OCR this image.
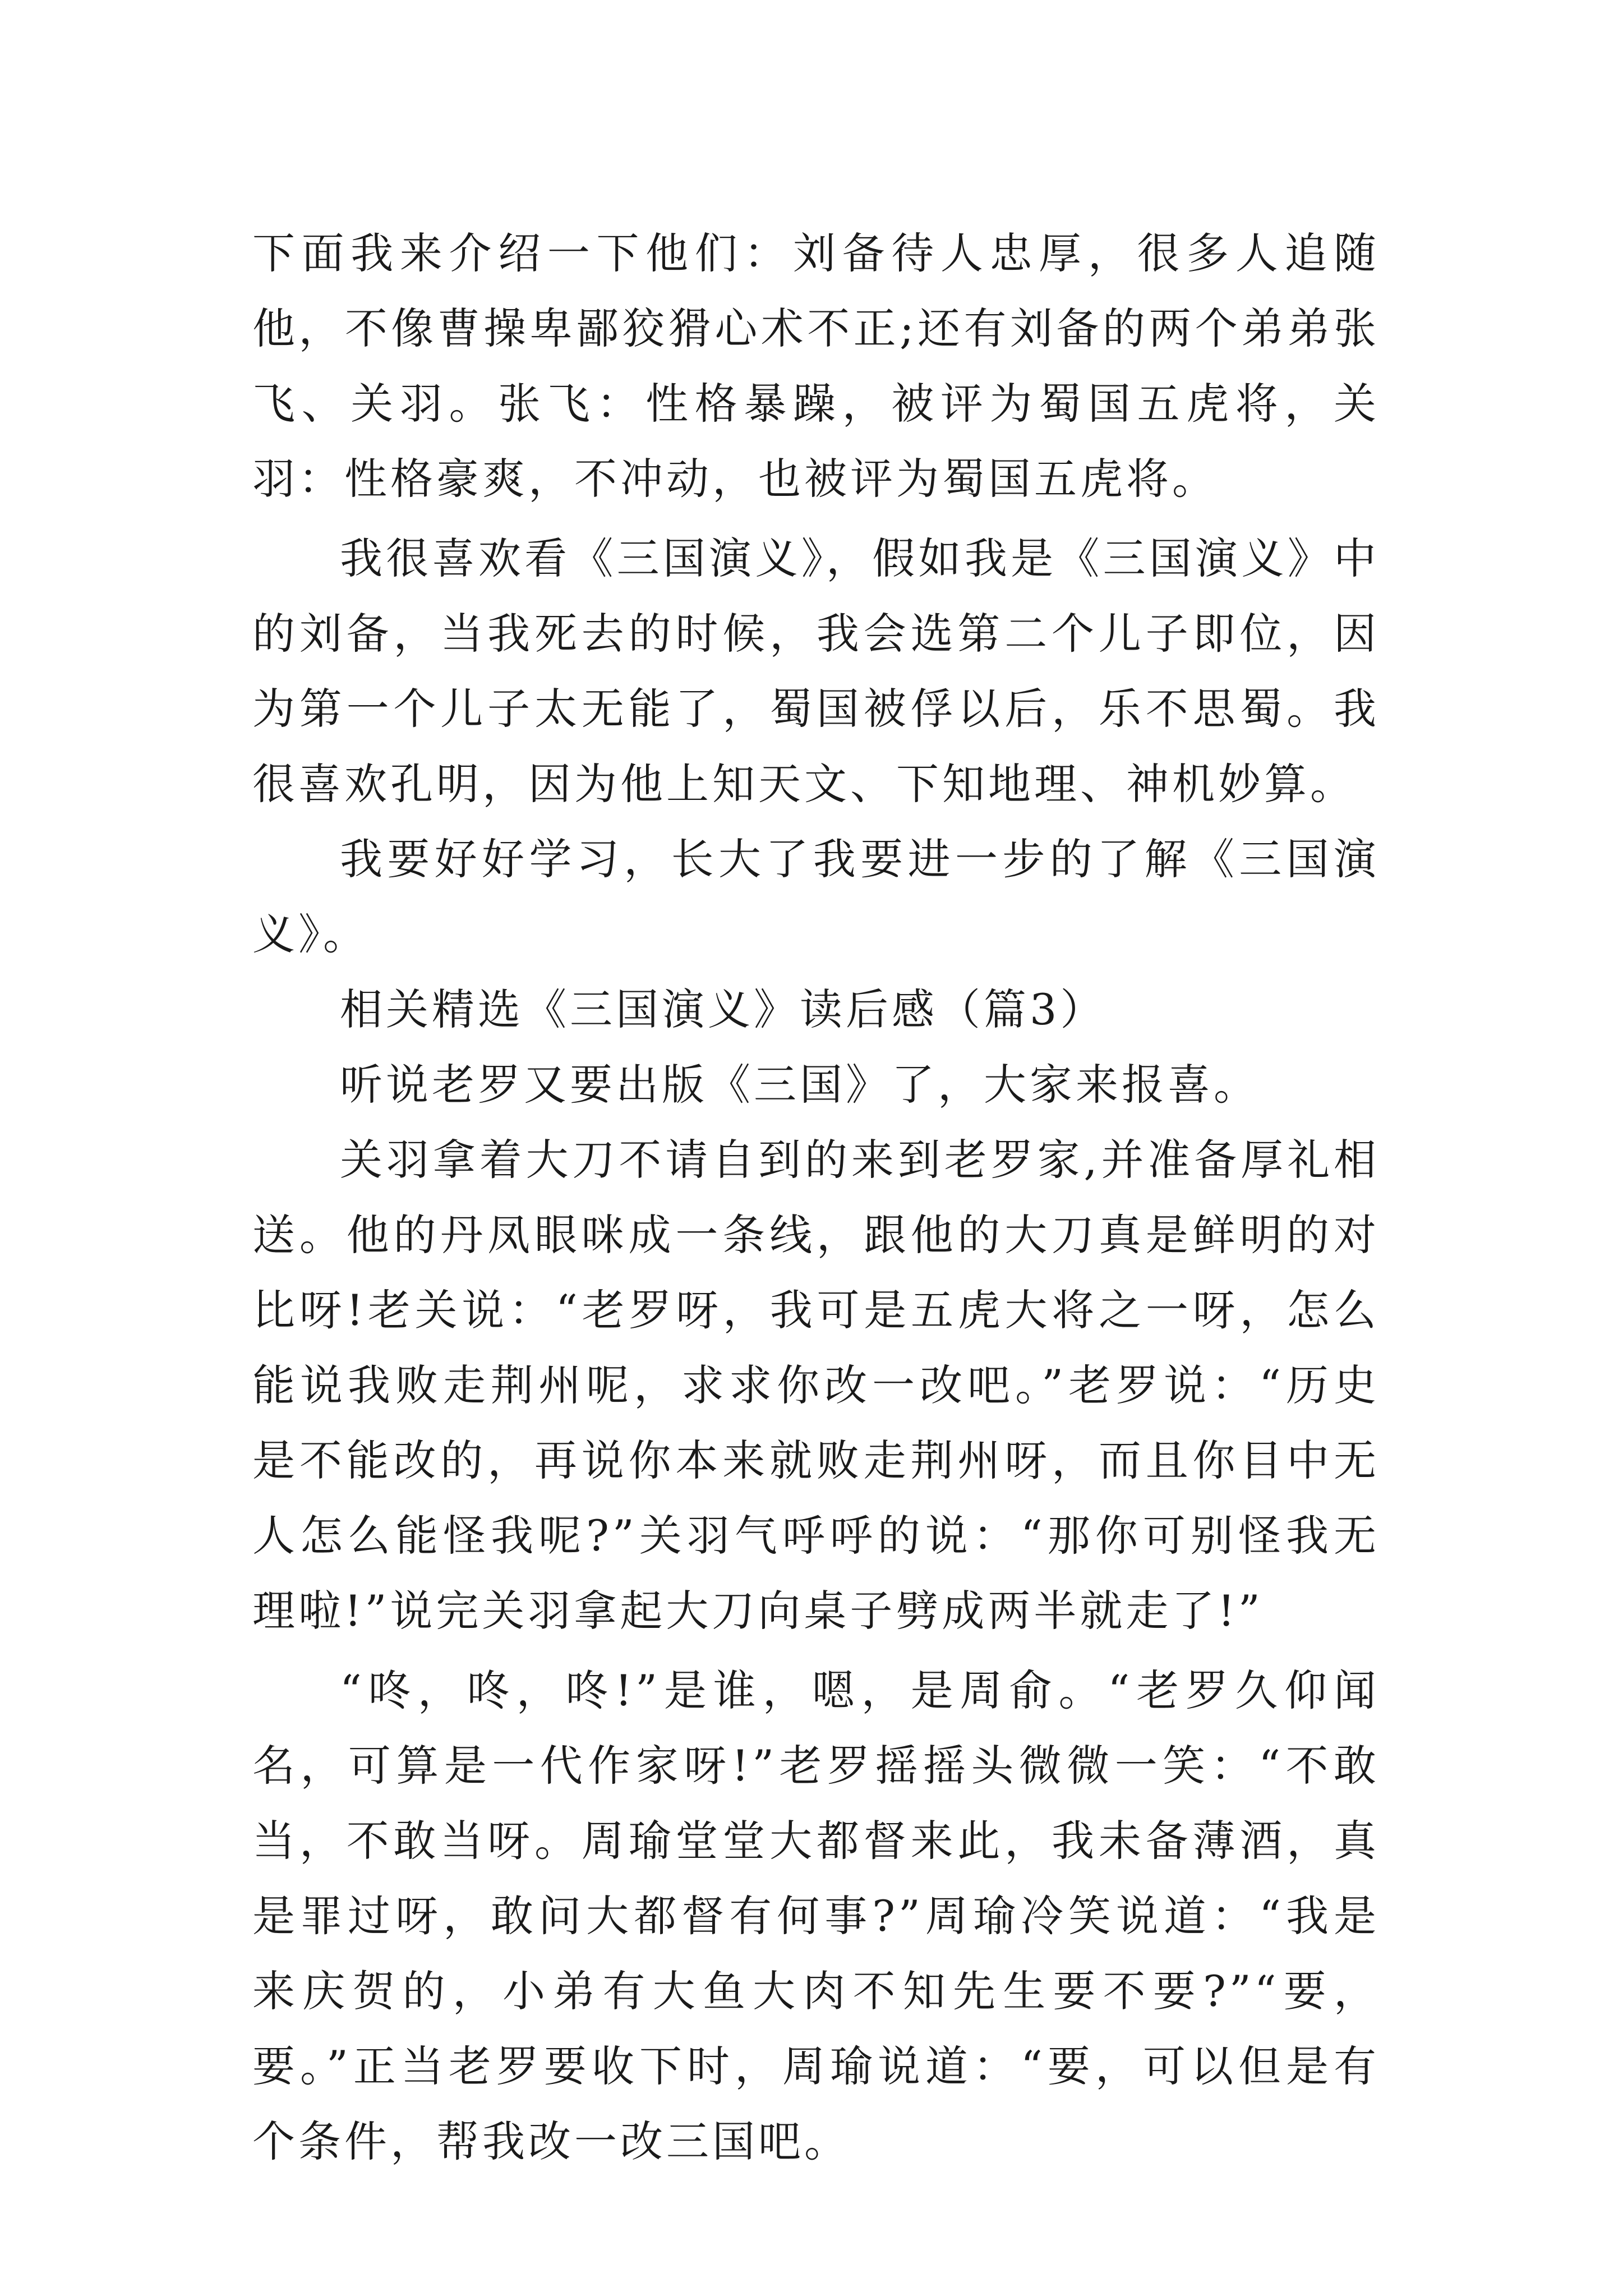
下面我来介绍一下他们：刘备待人忠厚，很多人追随他，不像曹操卑鄙狡猾心术不正;还有刘备的两个弟弟张飞、关羽。张飞：性格暴躁，被评为蜀国五虎将，关羽：性格豪爽，不冲动，也被评为蜀国五虎将。

我很喜欢看《三国演义》，假如我是《三国演义》中的刘备，当我死去的时候，我会选第二个儿子即位，因为第一个儿子太无能了，蜀国被俘以后，乐不思蜀。我很喜欢孔明，因为他上知天文、下知地理、神机妙算。

我要好好学习，长大了我要进一步的了解《三国演义》。

相关精选《三国演义》读后感（篇3）

听说老罗又要出版《三国》了，大家来报喜。

关羽拿着大刀不请自到的来到老罗家,并准备厚礼相送。他的丹凤眼咪成一条线，跟他的大刀真是鲜明的对比呀!老关说：“老罗呀，我可是五虎大将之一呀，怎么能说我败走荆州呢，求求你改一改吧。”老罗说：“历史是不能改的，再说你本来就败走荆州呀，而且你目中无人怎么能怪我呢?”关羽气呼呼的说：“那你可别怪我无理啦!”说完关羽拿起大刀向桌子劈成两半就走了!”

“咚，咚，咚!”是谁，嗯，是周俞。“老罗久仰闻名，可算是一代作家呀!”老罗摇摇头微微一笑：“不敢当，不敢当呀。周瑜堂堂大都督来此，我未备薄酒，真是罪过呀，敢问大都督有何事?”周瑜冷笑说道：“我是来庆贺的，小弟有大鱼大肉不知先生要不要?”“要，要。”正当老罗要收下时，周瑜说道：“要，可以但是有个条件，帮我改一改三国吧。
